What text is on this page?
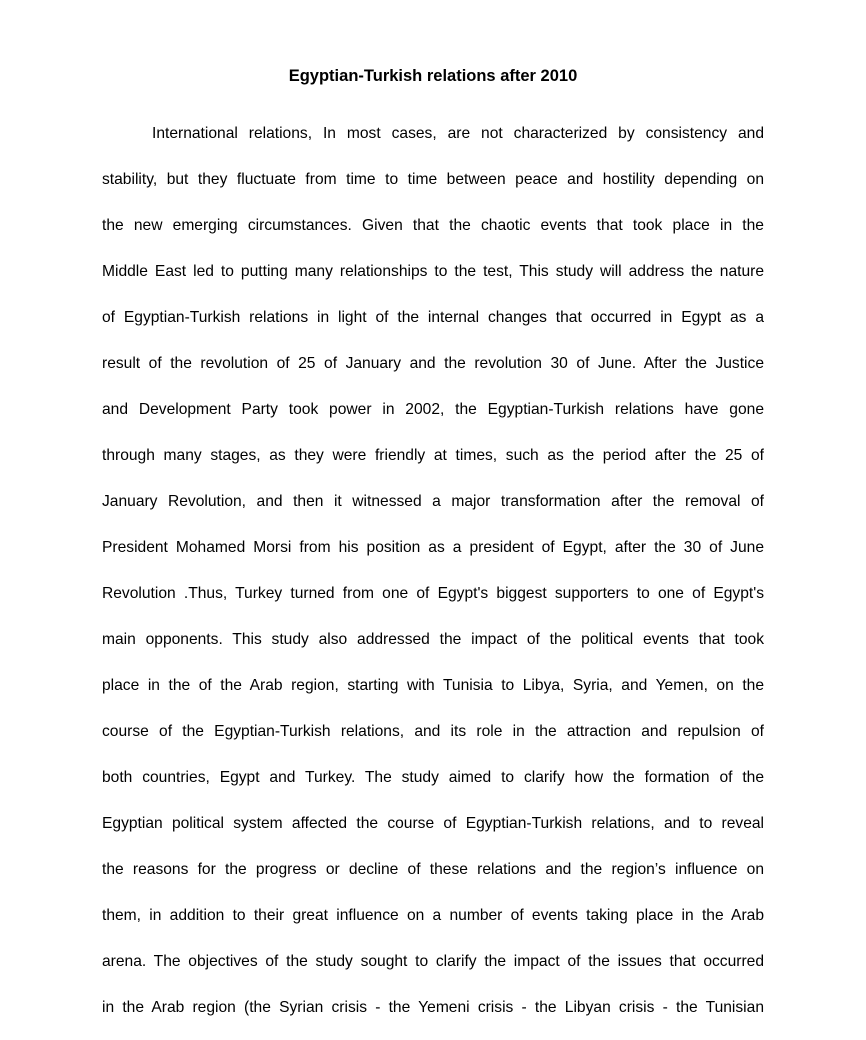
Egyptian-Turkish relations after 2010
International relations, In most cases, are not characterized by consistency and
stability, but they fluctuate from time to time between peace and hostility depending on
the new emerging circumstances. Given that the chaotic events that took place in the
Middle East led to putting many relationships to the test, This study will address the nature
of Egyptian-Turkish relations in light of the internal changes that occurred in Egypt as a
result of the revolution of 25 of January and the revolution 30 of June. After the Justice
and Development Party took power in 2002, the Egyptian-Turkish relations have gone
through many stages, as they were friendly at times, such as the period after the 25 of
January Revolution, and then it witnessed a major transformation after the removal of
President Mohamed Morsi from his position as a president of Egypt, after the 30 of June
Revolution .Thus, Turkey turned from one of Egypt's biggest supporters to one of Egypt's
main opponents. This study also addressed the impact of the political events that took
place in the of the Arab region, starting with Tunisia to Libya, Syria, and Yemen, on the
course of the Egyptian-Turkish relations, and its role in the attraction and repulsion of
both countries, Egypt and Turkey. The study aimed to clarify how the formation of the
Egyptian political system affected the course of Egyptian-Turkish relations, and to reveal
the reasons for the progress or decline of these relations and the region’s influence on
them, in addition to their great influence on a number of events taking place in the Arab
arena. The objectives of the study sought to clarify the impact of the issues that occurred
in the Arab region (the Syrian crisis - the Yemeni crisis - the Libyan crisis - the Tunisian
